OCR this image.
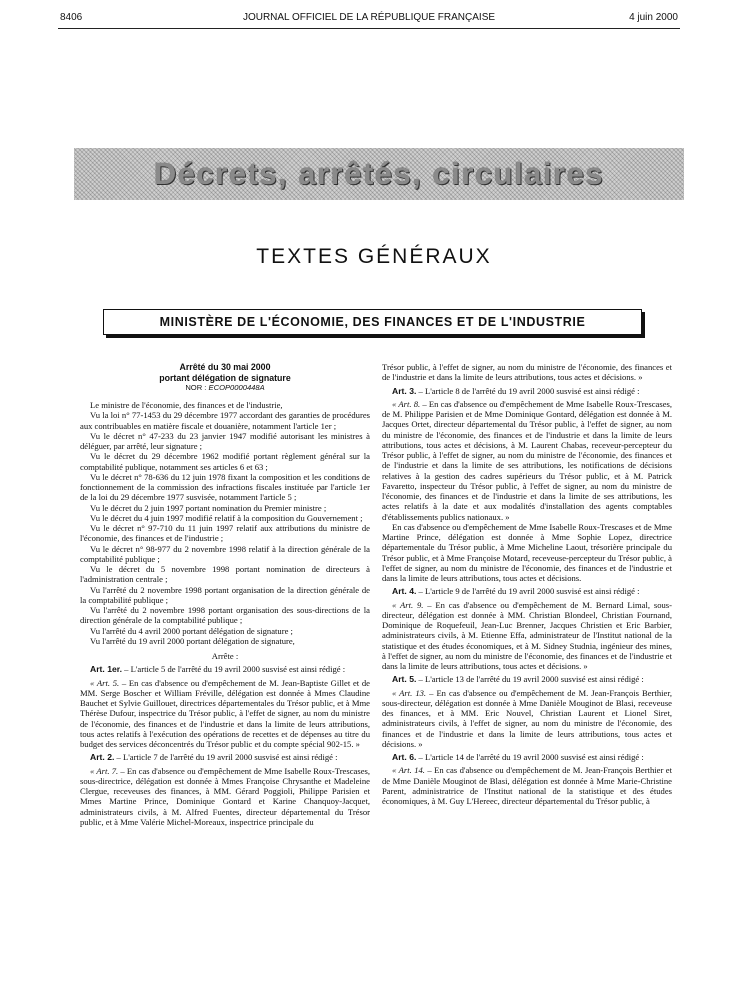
8406	JOURNAL OFFICIEL DE LA RÉPUBLIQUE FRANÇAISE	4 juin 2000
Décrets, arrêtés, circulaires
TEXTES GÉNÉRAUX
MINISTÈRE DE L'ÉCONOMIE, DES FINANCES ET DE L'INDUSTRIE
Arrêté du 30 mai 2000
portant délégation de signature
NOR : ECOP0000448A

Le ministre de l'économie, des finances et de l'industrie,

Vu la loi n° 77-1453 du 29 décembre 1977 accordant des garanties de procédures aux contribuables en matière fiscale et douanière, notamment l'article 1er ;

Vu le décret n° 47-233 du 23 janvier 1947 modifié autorisant les ministres à déléguer, par arrêté, leur signature ;

Vu le décret du 29 décembre 1962 modifié portant règlement général sur la comptabilité publique, notamment ses articles 6 et 63 ;

Vu le décret n° 78-636 du 12 juin 1978 fixant la composition et les conditions de fonctionnement de la commission des infractions fiscales instituée par l'article 1er de la loi du 29 décembre 1977 susvisée, notamment l'article 5 ;

Vu le décret du 2 juin 1997 portant nomination du Premier ministre ;

Vu le décret du 4 juin 1997 modifié relatif à la composition du Gouvernement ;

Vu le décret n° 97-710 du 11 juin 1997 relatif aux attributions du ministre de l'économie, des finances et de l'industrie ;

Vu le décret n° 98-977 du 2 novembre 1998 relatif à la direction générale de la comptabilité publique ;

Vu le décret du 5 novembre 1998 portant nomination de directeurs à l'administration centrale ;

Vu l'arrêté du 2 novembre 1998 portant organisation de la direction générale de la comptabilité publique ;

Vu l'arrêté du 2 novembre 1998 portant organisation des sous-directions de la direction générale de la comptabilité publique ;

Vu l'arrêté du 4 avril 2000 portant délégation de signature ;

Vu l'arrêté du 19 avril 2000 portant délégation de signature,

Arrête :

Art. 1er. – L'article 5 de l'arrêté du 19 avril 2000 susvisé est ainsi rédigé :

« Art. 5. – En cas d'absence ou d'empêchement de M. Jean-Baptiste Gillet et de MM. Serge Boscher et William Fréville, délégation est donnée à Mmes Claudine Bauchet et Sylvie Guillouet, directrices départementales du Trésor public, et à Mme Thérèse Dufour, inspectrice du Trésor public, à l'effet de signer, au nom du ministre de l'économie, des finances et de l'industrie et dans la limite de leurs attributions, tous actes relatifs à l'exécution des opérations de recettes et de dépenses au titre du budget des services déconcentrés du Trésor public et du compte spécial 902-15. »

Art. 2. – L'article 7 de l'arrêté du 19 avril 2000 susvisé est ainsi rédigé :

« Art. 7. – En cas d'absence ou d'empêchement de Mme Isabelle Roux-Trescases, sous-directrice, délégation est donnée à Mmes Françoise Chrysanthe et Madeleine Clergue, receveuses des finances, à MM. Gérard Poggioli, Philippe Parisien et Mmes Martine Prince, Dominique Gontard et Karine Chanquoy-Jacquet, administrateurs civils, à M. Alfred Fuentes, directeur départemental du Trésor public, et à Mme Valérie Michel-Moreaux, inspectrice principale du

Trésor public, à l'effet de signer, au nom du ministre de l'économie, des finances et de l'industrie et dans la limite de leurs attributions, tous actes et décisions. »

Art. 3. – L'article 8 de l'arrêté du 19 avril 2000 susvisé est ainsi rédigé :

« Art. 8. – En cas d'absence ou d'empêchement de Mme Isabelle Roux-Trescases, de M. Philippe Parisien et de Mme Dominique Gontard, délégation est donnée à M. Jacques Ortet, directeur départemental du Trésor public, à l'effet de signer, au nom du ministre de l'économie, des finances et de l'industrie et dans la limite de leurs attributions, tous actes et décisions, à M. Laurent Chabas, receveur-percepteur du Trésor public, à l'effet de signer, au nom du ministre de l'économie, des finances et de l'industrie et dans la limite de ses attributions, les notifications de décisions relatives à la gestion des cadres supérieurs du Trésor public, et à M. Patrick Favaretto, inspecteur du Trésor public, à l'effet de signer, au nom du ministre de l'économie, des finances et de l'industrie et dans la limite de ses attributions, les actes relatifs à la date et aux modalités d'installation des agents comptables d'établissements publics nationaux. »

En cas d'absence ou d'empêchement de Mme Isabelle Roux-Trescases et de Mme Martine Prince, délégation est donnée à Mme Sophie Lopez, directrice départementale du Trésor public, à Mme Micheline Laout, trésorière principale du Trésor public, et à Mme Françoise Motard, receveuse-percepteur du Trésor public, à l'effet de signer, au nom du ministre de l'économie, des finances et de l'industrie et dans la limite de leurs attributions, tous actes et décisions.

Art. 4. – L'article 9 de l'arrêté du 19 avril 2000 susvisé est ainsi rédigé :

« Art. 9. – En cas d'absence ou d'empêchement de M. Bernard Limal, sous-directeur, délégation est donnée à MM. Christian Blondeel, Christian Fournand, Dominique de Roquefeuil, Jean-Luc Brenner, Jacques Christien et Eric Barbier, administrateurs civils, à M. Etienne Effa, administrateur de l'Institut national de la statistique et des études économiques, et à M. Sidney Studnia, ingénieur des mines, à l'effet de signer, au nom du ministre de l'économie, des finances et de l'industrie et dans la limite de leurs attributions, tous actes et décisions. »

Art. 5. – L'article 13 de l'arrêté du 19 avril 2000 susvisé est ainsi rédigé :

« Art. 13. – En cas d'absence ou d'empêchement de M. Jean-François Berthier, sous-directeur, délégation est donnée à Mme Danièle Mouginot de Blasi, receveuse des finances, et à MM. Eric Nouvel, Christian Laurent et Lionel Siret, administrateurs civils, à l'effet de signer, au nom du ministre de l'économie, des finances et de l'industrie et dans la limite de leurs attributions, tous actes et décisions. »

Art. 6. – L'article 14 de l'arrêté du 19 avril 2000 susvisé est ainsi rédigé :

« Art. 14. – En cas d'absence ou d'empêchement de M. Jean-François Berthier et de Mme Danièle Mouginot de Blasi, délégation est donnée à Mme Marie-Christine Parent, administratrice de l'Institut national de la statistique et des études économiques, à M. Guy L'Hereec, directeur départemental du Trésor public, à
